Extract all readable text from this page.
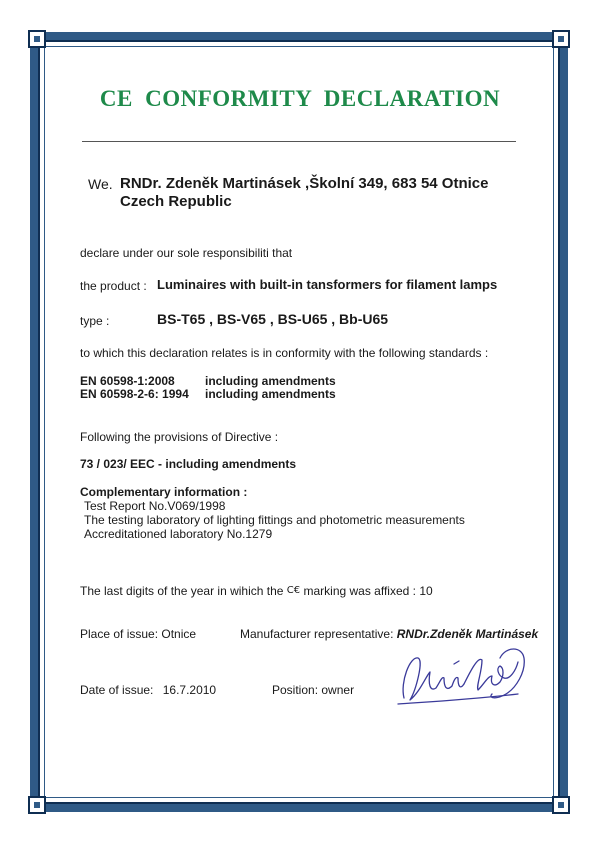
CE CONFORMITY DECLARATION
We. RNDr. Zdeněk Martinásek ,Školní 349, 683 54 Otnice
Czech Republic
declare under our sole responsibiliti that
the product : Luminaires with built-in tansformers for filament lamps
type :	BS-T65 , BS-V65 , BS-U65 , Bb-U65
to which this declaration relates is in conformity with the following standards :
EN 60598-1:2008	including amendments
EN 60598-2-6: 1994 including amendments
Following the provisions of Directive :
73 / 023/ EEC - including amendments
Complementary information :
Test Report No.V069/1998
The testing laboratory of lighting fittings and photometric measurements
Accreditationed laboratory No.1279
The last digits of the year in wihich the C€ marking was affixed : 10
Place of issue: Otnice	Manufacturer representative: RNDr.Zdeněk Martinásek
Date of issue: 16.7.2010	Position: owner
